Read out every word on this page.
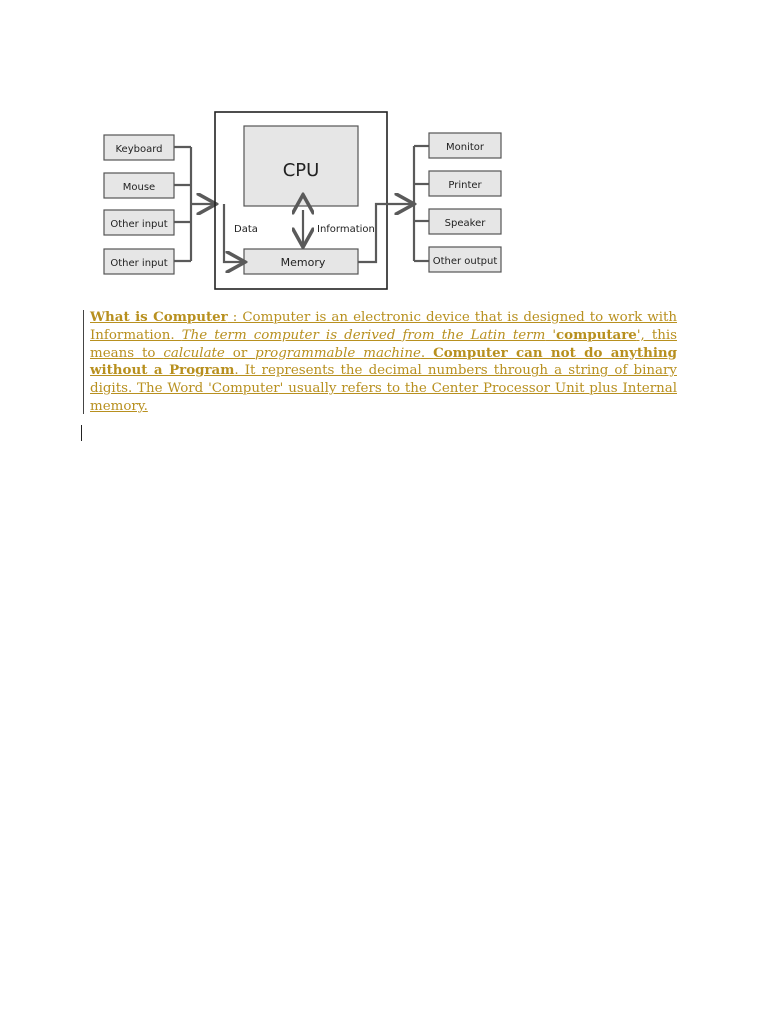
Keyboard
Mouse
Other input
Other input
CPU
Memory
Data	Information
Monitor
Printer
Speaker
Other output

What is Computer : Computer is an electronic device that is designed to work with Information. The term computer is derived from the Latin term 'computare', this means to calculate or programmable machine. Computer can not do anything without a Program. It represents the decimal numbers through a string of binary digits. The Word 'Computer' usually refers to the Center Processor Unit plus Internal memory.
